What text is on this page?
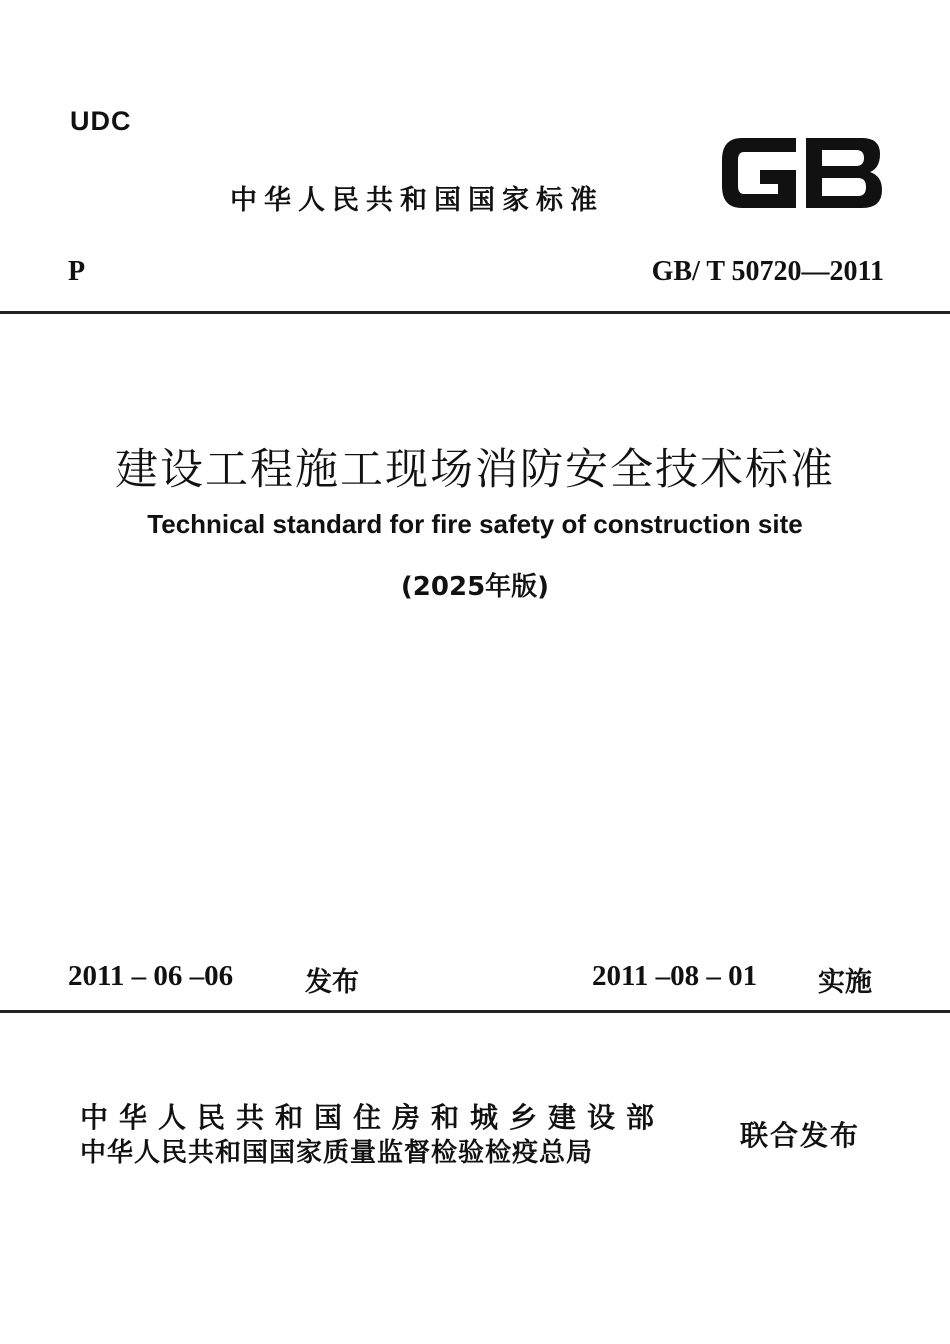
UDC
中华人民共和国国家标准
P	GB/ T 50720—2011
建设工程施工现场消防安全技术标准
Technical standard for fire safety of construction site
(2025年版)
2011 – 06 –06	发布	2011 –08 – 01 实施
中华人民共和国住房和城乡建设部
中华人民共和国国家质量监督检验检疫总局
联合发布
